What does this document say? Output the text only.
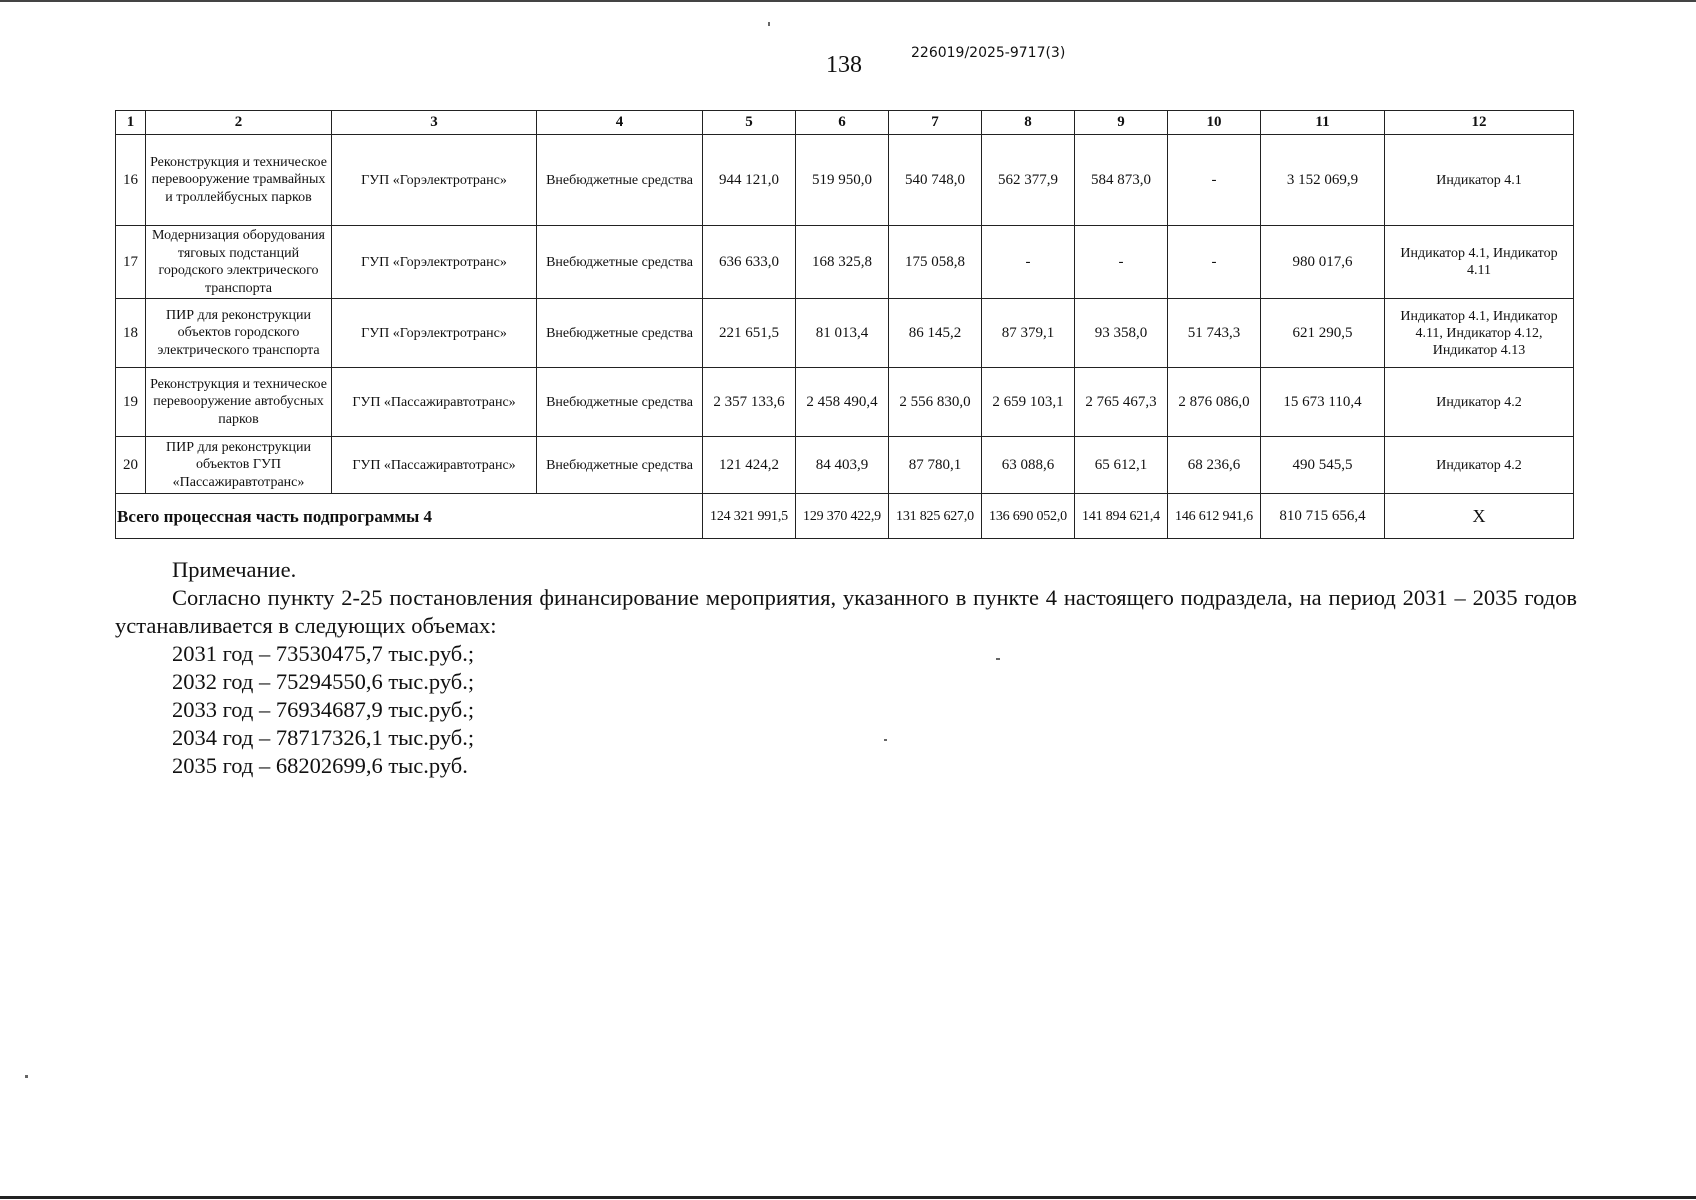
138	226019/2025-9717(3)
1	2	3	4	5	6	7	8	9	10	11	12
16	Реконструкция и техническое перевооружение трамвайных и троллейбусных парков	ГУП «Горэлектротранс»	Внебюджетные средства	944 121,0	519 950,0	540 748,0	562 377,9	584 873,0	-	3 152 069,9	Индикатор 4.1
17	Модернизация оборудования тяговых подстанций городского электрического транспорта	ГУП «Горэлектротранс»	Внебюджетные средства	636 633,0	168 325,8	175 058,8	-	-	-	980 017,6	Индикатор 4.1, Индикатор 4.11
18	ПИР для реконструкции объектов городского электрического транспорта	ГУП «Горэлектротранс»	Внебюджетные средства	221 651,5	81 013,4	86 145,2	87 379,1	93 358,0	51 743,3	621 290,5	Индикатор 4.1, Индикатор 4.11, Индикатор 4.12, Индикатор 4.13
19	Реконструкция и техническое перевооружение автобусных парков	ГУП «Пассажиравтотранс»	Внебюджетные средства	2 357 133,6	2 458 490,4	2 556 830,0	2 659 103,1	2 765 467,3	2 876 086,0	15 673 110,4	Индикатор 4.2
20	ПИР для реконструкции объектов ГУП «Пассажиравтотранс»	ГУП «Пассажиравтотранс»	Внебюджетные средства	121 424,2	84 403,9	87 780,1	63 088,6	65 612,1	68 236,6	490 545,5	Индикатор 4.2
Всего процессная часть подпрограммы 4				124 321 991,5	129 370 422,9	131 825 627,0	136 690 052,0	141 894 621,4	146 612 941,6	810 715 656,4	Х

Примечание.

Согласно пункту 2-25 постановления финансирование мероприятия, указанного в пункте 4 настоящего подраздела, на период 2031 – 2035 годов устанавливается в следующих объемах:

2031 год – 73530475,7 тыс.руб.;

2032 год – 75294550,6 тыс.руб.;

2033 год – 76934687,9 тыс.руб.;

2034 год – 78717326,1 тыс.руб.;

2035 год – 68202699,6 тыс.руб.
